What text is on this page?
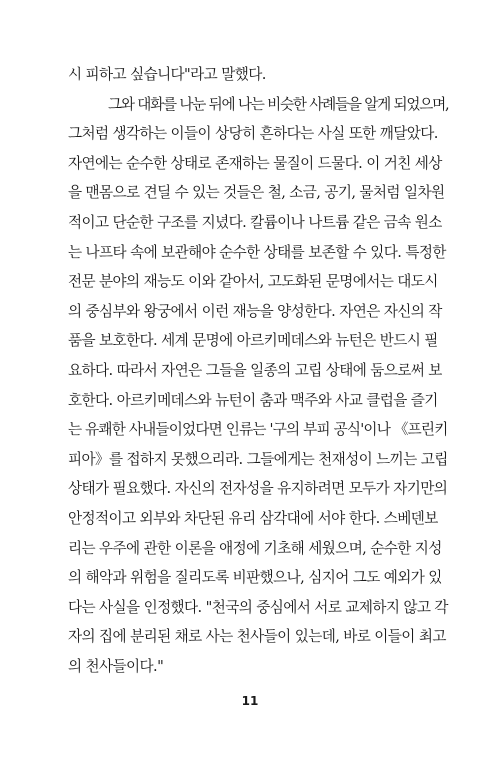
시 피하고 싶습니다"라고 말했다.
그와 대화를 나눈 뒤에 나는 비슷한 사례들을 알게 되었으며,
그처럼 생각하는 이들이 상당히 흔하다는 사실 또한 깨달았다.
자연에는 순수한 상태로 존재하는 물질이 드물다. 이 거친 세상
을 맨몸으로 견딜 수 있는 것들은 철, 소금, 공기, 물처럼 일차원
적이고 단순한 구조를 지녔다. 칼륨이나 나트륨 같은 금속 원소
는 나프타 속에 보관해야 순수한 상태를 보존할 수 있다. 특정한
전문 분야의 재능도 이와 같아서, 고도화된 문명에서는 대도시
의 중심부와 왕궁에서 이런 재능을 양성한다. 자연은 자신의 작
품을 보호한다. 세계 문명에 아르키메데스와 뉴턴은 반드시 필
요하다. 따라서 자연은 그들을 일종의 고립 상태에 둠으로써 보
호한다. 아르키메데스와 뉴턴이 춤과 맥주와 사교 클럽을 즐기
는 유쾌한 사내들이었다면 인류는 '구의 부피 공식'이나 《프린키
피아》를 접하지 못했으리라. 그들에게는 천재성이 느끼는 고립
상태가 필요했다. 자신의 전자성을 유지하려면 모두가 자기만의
안정적이고 외부와 차단된 유리 삼각대에 서야 한다. 스베덴보
리는 우주에 관한 이론을 애정에 기초해 세웠으며, 순수한 지성
의 해악과 위험을 질리도록 비판했으나, 심지어 그도 예외가 있
다는 사실을 인정했다. "천국의 중심에서 서로 교제하지 않고 각
자의 집에 분리된 채로 사는 천사들이 있는데, 바로 이들이 최고
의 천사들이다."
11
